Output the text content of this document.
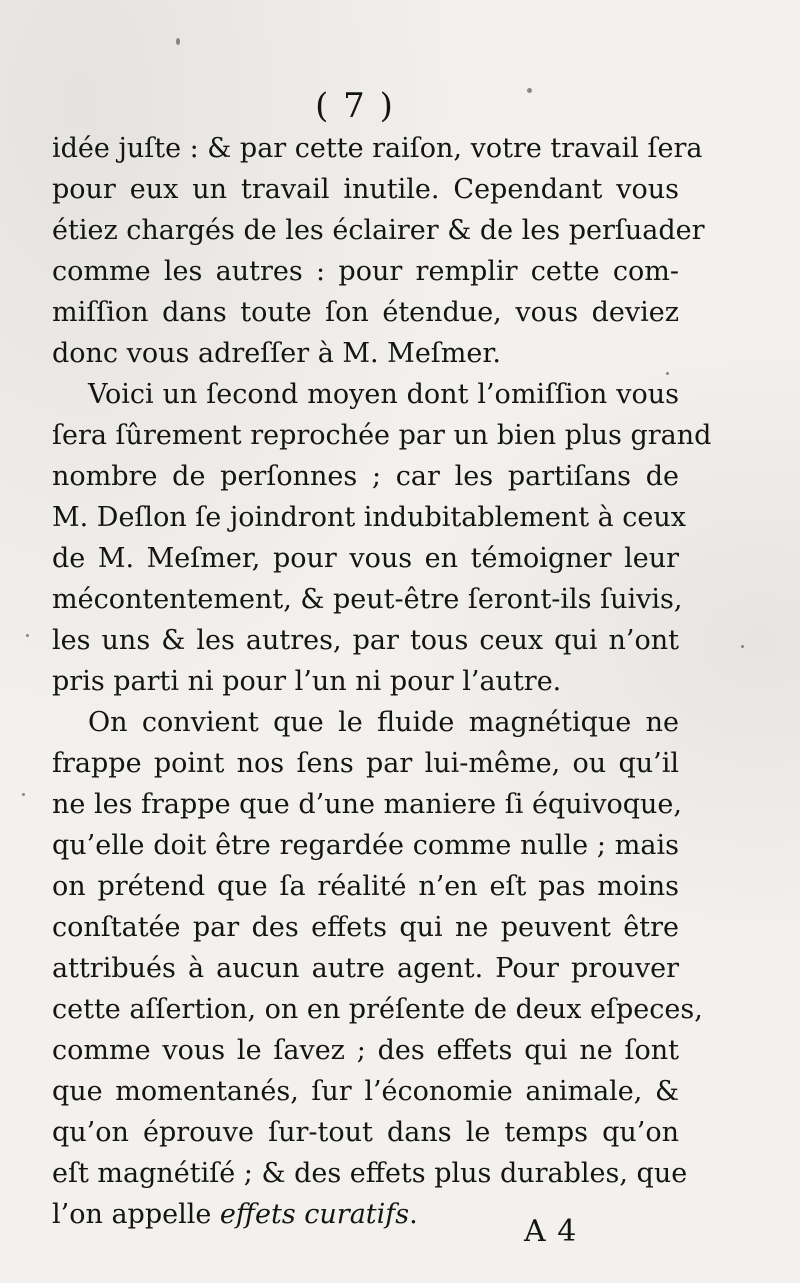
( 7 )
idée juſte : & par cette raiſon, votre travail ſera
pour eux un travail inutile. Cependant vous
étiez chargés de les éclairer & de les perſuader
comme les autres : pour remplir cette com-
miſſion dans toute ſon étendue, vous deviez
donc vous adreſſer à M. Meſmer.
Voici un ſecond moyen dont l’omiſſion vous
ſera ſûrement reprochée par un bien plus grand
nombre de perſonnes ; car les partiſans de
M. Deſlon ſe joindront indubitablement à ceux
de M. Meſmer, pour vous en témoigner leur
mécontentement, & peut-être ſeront-ils ſuivis,
les uns & les autres, par tous ceux qui n’ont
pris parti ni pour l’un ni pour l’autre.
On convient que le fluide magnétique ne
frappe point nos ſens par lui-même, ou qu’il
ne les frappe que d’une maniere ſi équivoque,
qu’elle doit être regardée comme nulle ; mais
on prétend que ſa réalité n’en eſt pas moins
conſtatée par des effets qui ne peuvent être
attribués à aucun autre agent. Pour prouver
cette aſſertion, on en préſente de deux eſpeces,
comme vous le ſavez ; des effets qui ne ſont
que momentanés, ſur l’économie animale, &
qu’on éprouve ſur-tout dans le temps qu’on
eſt magnétiſé ; & des effets plus durables, que
l’on appelle effets curatifs.	A 4
